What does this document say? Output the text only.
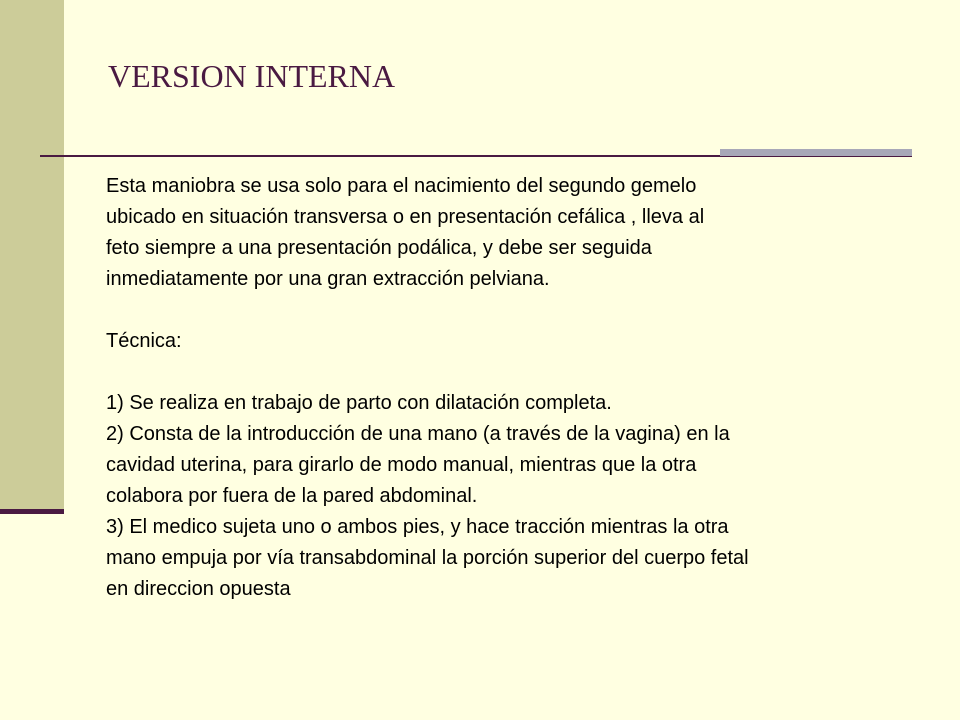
VERSION INTERNA
Esta maniobra se usa solo para el nacimiento del segundo gemelo
ubicado en situación transversa o en presentación cefálica , lleva al
feto siempre a una presentación podálica, y debe ser seguida
inmediatamente por una gran extracción pelviana.
Técnica:
1) Se realiza en trabajo de parto con dilatación completa.
2) Consta de la introducción de una mano (a través de la vagina) en la
cavidad uterina, para girarlo de modo manual, mientras que la otra
colabora por fuera de la pared abdominal.
3) El medico sujeta uno o ambos pies, y hace tracción mientras la otra
mano empuja por vía transabdominal la porción superior del cuerpo fetal
en direccion opuesta
